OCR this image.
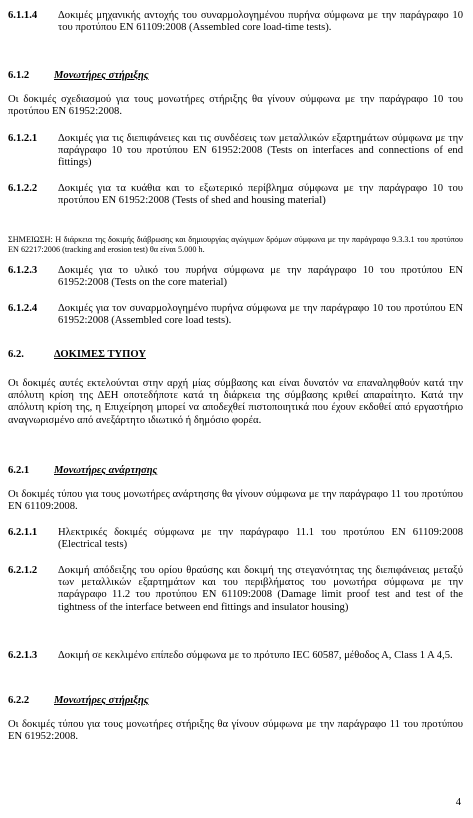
6.1.1.4	Δοκιμές μηχανικής αντοχής του συναρμολογημένου πυρήνα σύμφωνα με την παράγραφο 10 του προτύπου EN 61109:2008 (Assembled core load-time tests).
6.1.2 Μονωτήρες στήριξης
Οι δοκιμές σχεδιασμού για τους μονωτήρες στήριξης θα γίνουν σύμφωνα με την παράγραφο 10 του προτύπου EN 61952:2008.
6.1.2.1	Δοκιμές για τις διεπιφάνειες και τις συνδέσεις των μεταλλικών εξαρτημάτων σύμφωνα με την παράγραφο 10 του προτύπου EN 61952:2008 (Tests on interfaces and connections of end fittings)
6.1.2.2	Δοκιμές για τα κυάθια και το εξωτερικό περίβλημα σύμφωνα με την παράγραφο 10 του προτύπου EN 61952:2008 (Tests of shed and housing material)
ΣΗΜΕΙΩΣΗ: Η διάρκεια της δοκιμής διάβρωσης και δημιουργίας αγώγιμων δρόμων σύμφωνα με την παράγραφο 9.3.3.1 του προτύπου EN 62217:2006 (tracking and erosion test) θα είναι 5.000 h.
6.1.2.3	Δοκιμές για το υλικό του πυρήνα σύμφωνα με την παράγραφο 10 του προτύπου EN 61952:2008 (Tests on the core material)
6.1.2.4	Δοκιμές για τον συναρμολογημένο πυρήνα σύμφωνα με την παράγραφο 10 του προτύπου EN 61952:2008 (Assembled core load tests).
6.2.	ΔΟΚΙΜΕΣ ΤΥΠΟΥ
Οι δοκιμές αυτές εκτελούνται στην αρχή μίας σύμβασης και είναι δυνατόν να επαναληφθούν κατά την απόλυτη κρίση της ΔΕΗ οποτεδήποτε κατά τη διάρκεια της σύμβασης κριθεί απαραίτητο. Κατά την απόλυτη κρίση της, η Επιχείρηση μπορεί να αποδεχθεί πιστοποιητικά που έχουν εκδοθεί από εργαστήριο αναγνωρισμένο από ανεξάρτητο ιδιωτικό ή δημόσιο φορέα.
6.2.1 Μονωτήρες ανάρτησης
Οι δοκιμές τύπου για τους μονωτήρες ανάρτησης θα γίνουν σύμφωνα με την παράγραφο 11 του προτύπου EN 61109:2008.
6.2.1.1	Ηλεκτρικές δοκιμές σύμφωνα με την παράγραφο 11.1 του προτύπου EN 61109:2008 (Electrical tests)
6.2.1.2	Δοκιμή απόδειξης του ορίου θραύσης και δοκιμή της στεγανότητας της διεπιφάνειας μεταξύ των μεταλλικών εξαρτημάτων και του περιβλήματος του μονωτήρα σύμφωνα με την παράγραφο 11.2 του προτύπου EN 61109:2008 (Damage limit proof test and test of the tightness of the interface between end fittings and insulator housing)
6.2.1.3	Δοκιμή σε κεκλιμένο επίπεδο σύμφωνα με το πρότυπο IEC 60587, μέθοδος Α, Class 1 A 4,5.
6.2.2 Μονωτήρες στήριξης
Οι δοκιμές τύπου για τους μονωτήρες στήριξης θα γίνουν σύμφωνα με την παράγραφο 11 του προτύπου EN 61952:2008.
4
